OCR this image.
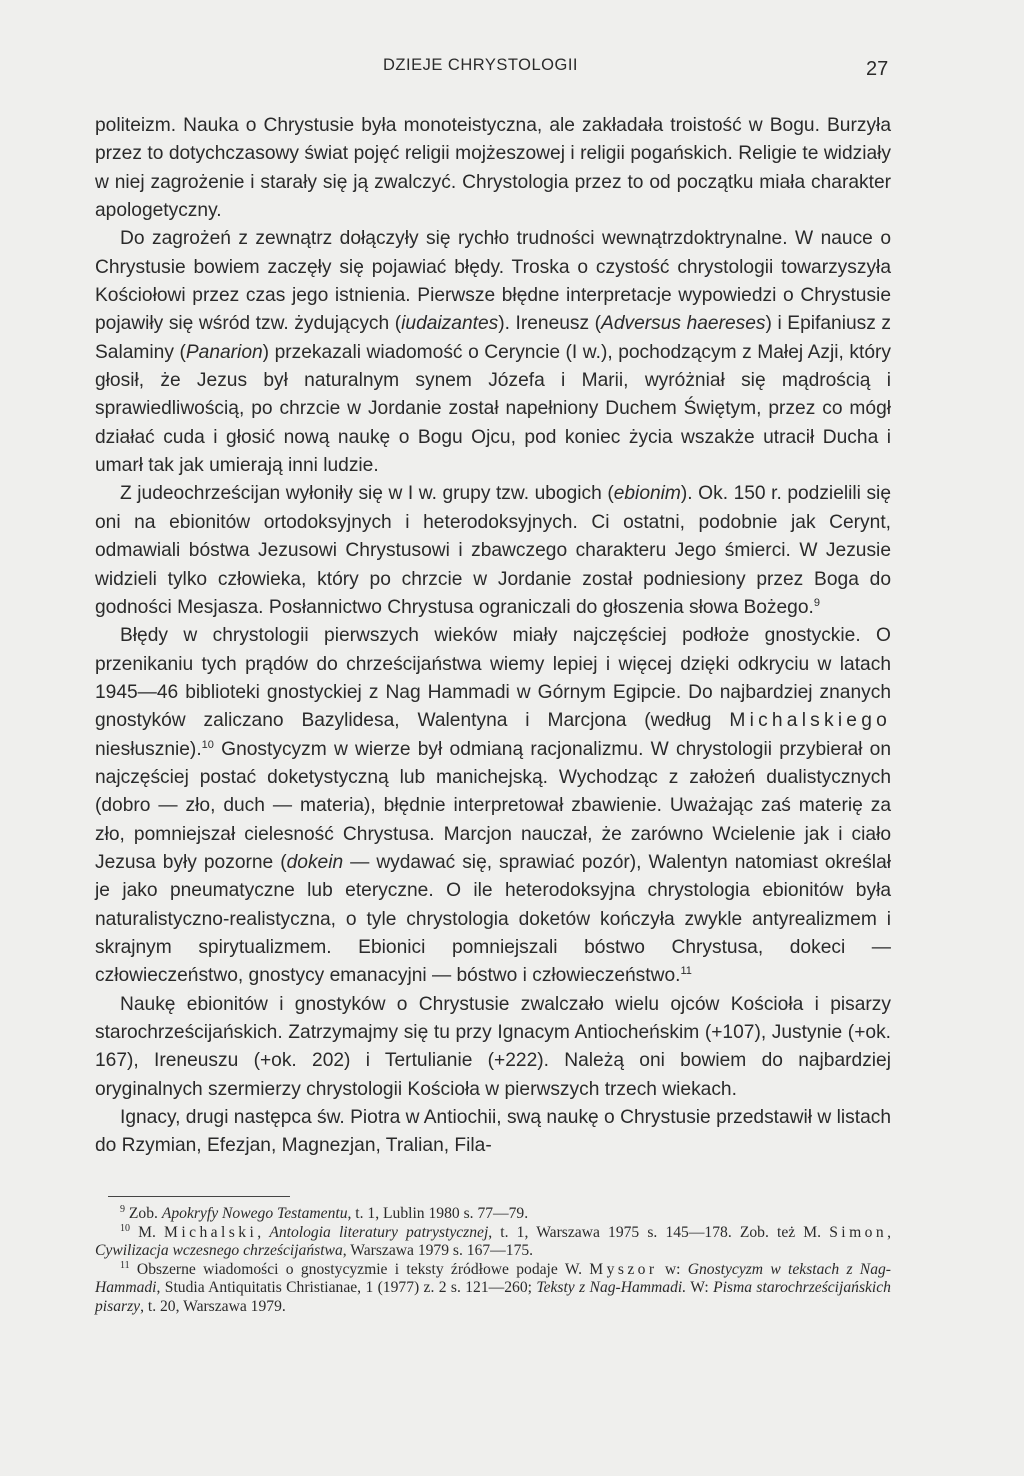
DZIEJE CHRYSTOLOGII	27

politeizm. Nauka o Chrystusie była monoteistyczna, ale zakładała troistość w Bogu. Burzyła przez to dotychczasowy świat pojęć religii mojżeszowej i religii pogańskich. Religie te widziały w niej zagrożenie i starały się ją zwalczyć. Chrystologia przez to od początku miała charakter apologetyczny.

Do zagrożeń z zewnątrz dołączyły się rychło trudności wewnątrzdoktrynalne. W nauce o Chrystusie bowiem zaczęły się pojawiać błędy. Troska o czystość chrystologii towarzyszyła Kościołowi przez czas jego istnienia. Pierwsze błędne interpretacje wypowiedzi o Chrystusie pojawiły się wśród tzw. żydujących (iudaizantes). Ireneusz (Adversus haereses) i Epifaniusz z Salaminy (Panarion) przekazali wiadomość o Ceryncie (I w.), pochodzącym z Małej Azji, który głosił, że Jezus był naturalnym synem Józefa i Marii, wyróżniał się mądrością i sprawiedliwością, po chrzcie w Jordanie został napełniony Duchem Świętym, przez co mógł działać cuda i głosić nową naukę o Bogu Ojcu, pod koniec życia wszakże utracił Ducha i umarł tak jak umierają inni ludzie.

Z judeochrześcijan wyłoniły się w I w. grupy tzw. ubogich (ebionim). Ok. 150 r. podzielili się oni na ebionitów ortodoksyjnych i heterodoksyjnych. Ci ostatni, podobnie jak Cerynt, odmawiali bóstwa Jezusowi Chrystusowi i zbawczego charakteru Jego śmierci. W Jezusie widzieli tylko człowieka, który po chrzcie w Jordanie został podniesiony przez Boga do godności Mesjasza. Posłannictwo Chrystusa ograniczali do głoszenia słowa Bożego.$^9$

Błędy w chrystologii pierwszych wieków miały najczęściej podłoże gnostyckie. O przenikaniu tych prądów do chrześcijaństwa wiemy lepiej i więcej dzięki odkryciu w latach 1945—46 biblioteki gnostyckiej z Nag Hammadi w Górnym Egipcie. Do najbardziej znanych gnostyków zaliczano Bazylidesa, Walentyna i Marcjona (według Michalskiego niesłusznie).$^{10}$ Gnostycyzm w wierze był odmianą racjonalizmu. W chrystologii przybierał on najczęściej postać doketystyczną lub manichejską. Wychodząc z założeń dualistycznych (dobro — zło, duch — materia), błędnie interpretował zbawienie. Uważając zaś materię za zło, pomniejszał cielesność Chrystusa. Marcjon nauczał, że zarówno Wcielenie jak i ciało Jezusa były pozorne (dokein — wydawać się, sprawiać pozór), Walentyn natomiast określał je jako pneumatyczne lub eteryczne. O ile heterodoksyjna chrystologia ebionitów była naturalistyczno-realistyczna, o tyle chrystologia doketów kończyła zwykle antyrealizmem i skrajnym spirytualizmem. Ebionici pomniejszali bóstwo Chrystusa, dokeci — człowieczeństwo, gnostycy emanacyjni — bóstwo i człowieczeństwo.$^{11}$

Naukę ebionitów i gnostyków o Chrystusie zwalczało wielu ojców Kościoła i pisarzy starochrześcijańskich. Zatrzymajmy się tu przy Ignacym Antiocheńskim (+107), Justynie (+ok. 167), Ireneuszu (+ok. 202) i Tertulianie (+222). Należą oni bowiem do najbardziej oryginalnych szermierzy chrystologii Kościoła w pierwszych trzech wiekach.

Ignacy, drugi następca św. Piotra w Antiochii, swą naukę o Chrystusie przedstawił w listach do Rzymian, Efezjan, Magnezjan, Tralian, Fila-

$^9$ Zob. Apokryfy Nowego Testamentu, t. 1, Lublin 1980 s. 77—79.

$^{10}$ M. Michalski, Antologia literatury patrystycznej, t. 1, Warszawa 1975 s. 145—178. Zob. też M. Simon, Cywilizacja wczesnego chrześcijaństwa, Warszawa 1979 s. 167—175.

$^{11}$ Obszerne wiadomości o gnostycyzmie i teksty źródłowe podaje W. Myszor w: Gnostycyzm w tekstach z Nag-Hammadi, Studia Antiquitatis Christianae, 1 (1977) z. 2 s. 121—260; Teksty z Nag-Hammadi. W: Pisma starochrześcijańskich pisarzy, t. 20, Warszawa 1979.
